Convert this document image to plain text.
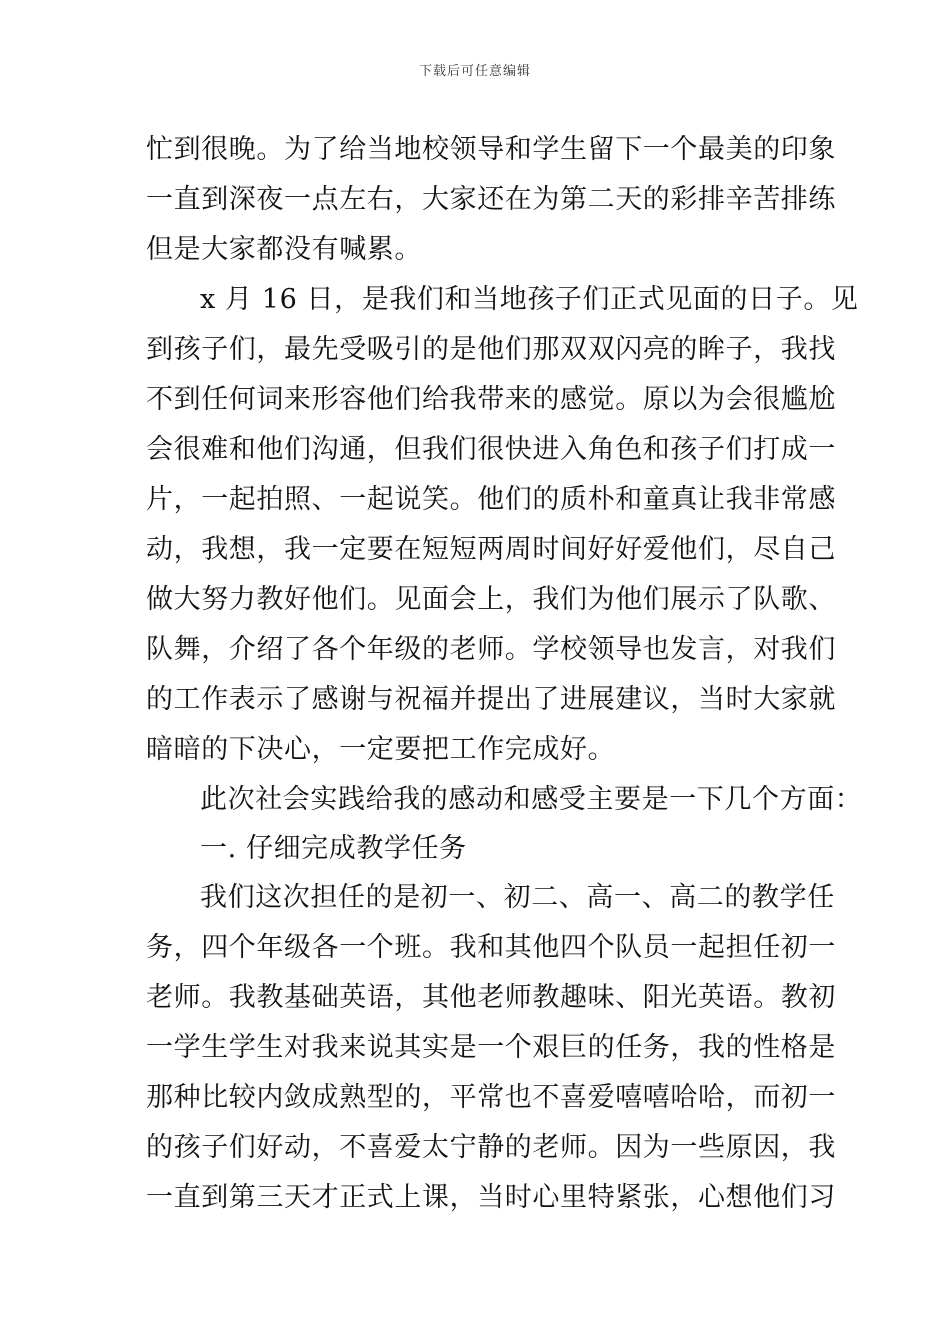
下载后可任意编辑
忙到很晚。为了给当地校领导和学生留下一个最美的印象
一直到深夜一点左右，大家还在为第二天的彩排辛苦排练
但是大家都没有喊累。
x 月 16 日，是我们和当地孩子们正式见面的日子。见
到孩子们，最先受吸引的是他们那双双闪亮的眸子，我找
不到任何词来形容他们给我带来的感觉。原以为会很尴尬
会很难和他们沟通，但我们很快进入角色和孩子们打成一
片，一起拍照、一起说笑。他们的质朴和童真让我非常感
动，我想，我一定要在短短两周时间好好爱他们，尽自己
做大努力教好他们。见面会上，我们为他们展示了队歌、
队舞，介绍了各个年级的老师。学校领导也发言，对我们
的工作表示了感谢与祝福并提出了进展建议，当时大家就
暗暗的下决心，一定要把工作完成好。
此次社会实践给我的感动和感受主要是一下几个方面：
一. 仔细完成教学任务
我们这次担任的是初一、初二、高一、高二的教学任
务，四个年级各一个班。我和其他四个队员一起担任初一
老师。我教基础英语，其他老师教趣味、阳光英语。教初
一学生学生对我来说其实是一个艰巨的任务，我的性格是
那种比较内敛成熟型的，平常也不喜爱嘻嘻哈哈，而初一
的孩子们好动，不喜爱太宁静的老师。因为一些原因，我
一直到第三天才正式上课，当时心里特紧张，心想他们习
